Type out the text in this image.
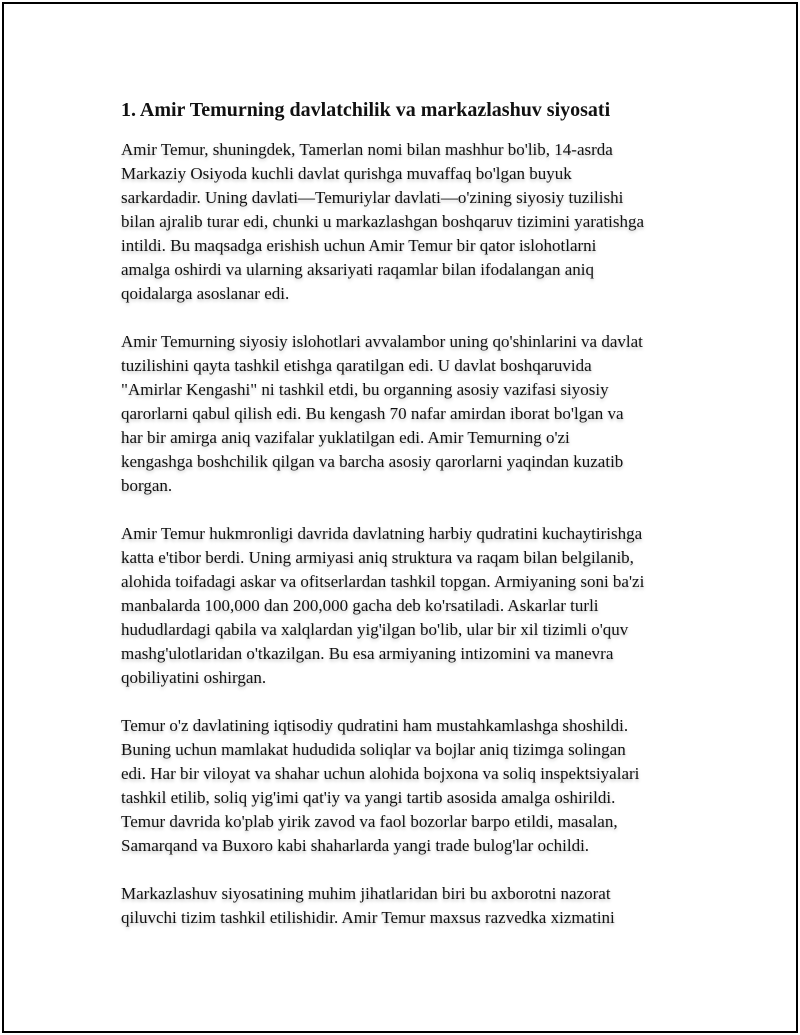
1. Amir Temurning davlatchilik va markazlashuv siyosati

Amir Temur, shuningdek, Tamerlan nomi bilan mashhur bo'lib, 14-asrda
Markaziy Osiyoda kuchli davlat qurishga muvaffaq bo'lgan buyuk
sarkardadir. Uning davlati—Temuriylar davlati—o'zining siyosiy tuzilishi
bilan ajralib turar edi, chunki u markazlashgan boshqaruv tizimini yaratishga
intildi. Bu maqsadga erishish uchun Amir Temur bir qator islohotlarni
amalga oshirdi va ularning aksariyati raqamlar bilan ifodalangan aniq
qoidalarga asoslanar edi.

Amir Temurning siyosiy islohotlari avvalambor uning qo'shinlarini va davlat
tuzilishini qayta tashkil etishga qaratilgan edi. U davlat boshqaruvida
"Amirlar Kengashi" ni tashkil etdi, bu organning asosiy vazifasi siyosiy
qarorlarni qabul qilish edi. Bu kengash 70 nafar amirdan iborat bo'lgan va
har bir amirga aniq vazifalar yuklatilgan edi. Amir Temurning o'zi
kengashga boshchilik qilgan va barcha asosiy qarorlarni yaqindan kuzatib
borgan.

Amir Temur hukmronligi davrida davlatning harbiy qudratini kuchaytirishga
katta e'tibor berdi. Uning armiyasi aniq struktura va raqam bilan belgilanib,
alohida toifadagi askar va ofitserlardan tashkil topgan. Armiyaning soni ba'zi
manbalarda 100,000 dan 200,000 gacha deb ko'rsatiladi. Askarlar turli
hududlardagi qabila va xalqlardan yig'ilgan bo'lib, ular bir xil tizimli o'quv
mashg'ulotlaridan o'tkazilgan. Bu esa armiyaning intizomini va manevra
qobiliyatini oshirgan.

Temur o'z davlatining iqtisodiy qudratini ham mustahkamlashga shoshildi.
Buning uchun mamlakat hududida soliqlar va bojlar aniq tizimga solingan
edi. Har bir viloyat va shahar uchun alohida bojxona va soliq inspektsiyalari
tashkil etilib, soliq yig'imi qat'iy va yangi tartib asosida amalga oshirildi.
Temur davrida ko'plab yirik zavod va faol bozorlar barpo etildi, masalan,
Samarqand va Buxoro kabi shaharlarda yangi trade bulog'lar ochildi.

Markazlashuv siyosatining muhim jihatlaridan biri bu axborotni nazorat
qiluvchi tizim tashkil etilishidir. Amir Temur maxsus razvedka xizmatini
